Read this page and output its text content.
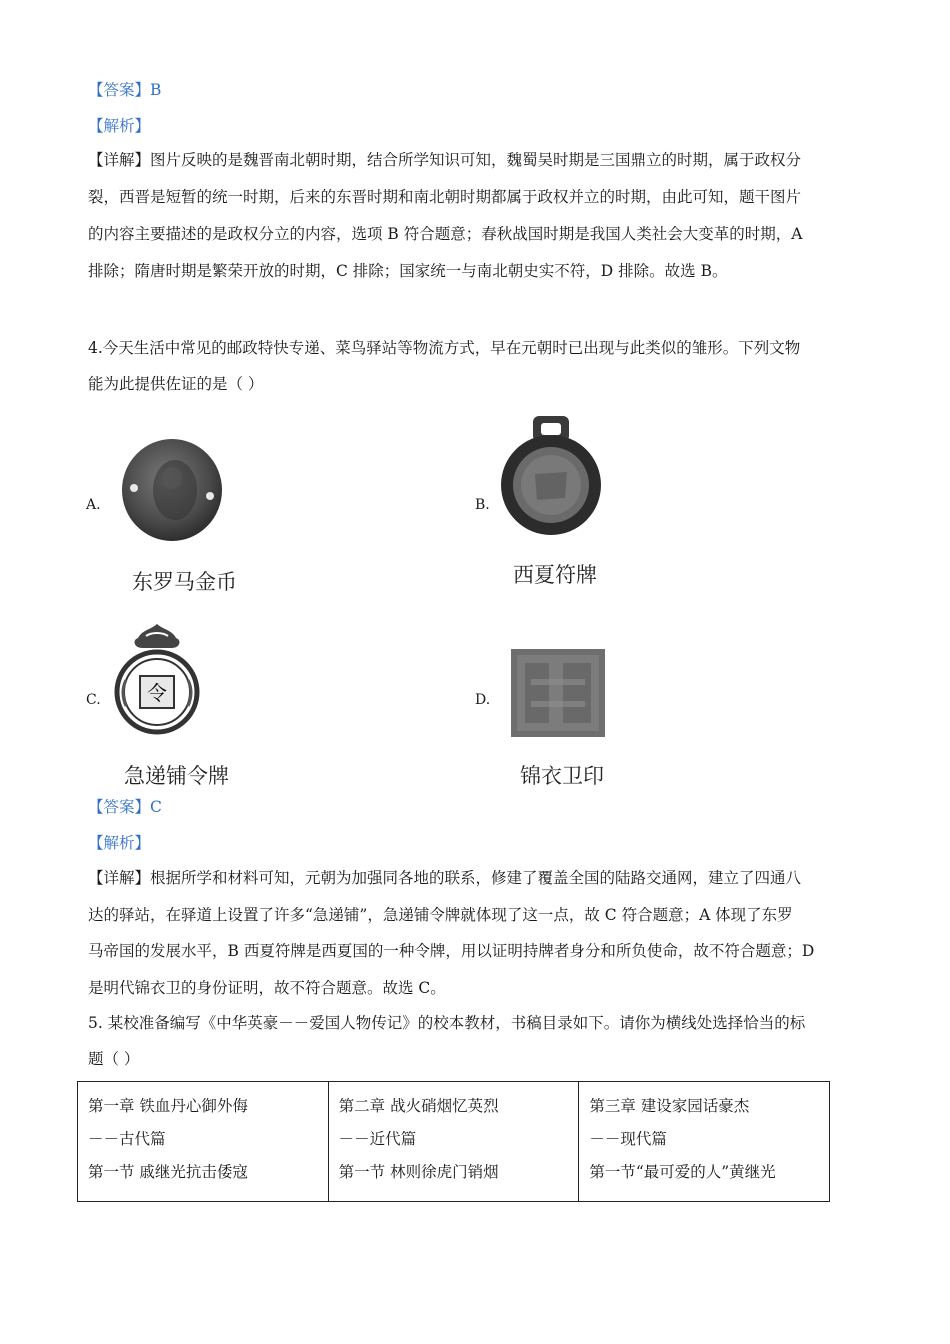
【答案】B
【解析】
【详解】图片反映的是魏晋南北朝时期，结合所学知识可知，魏蜀吴时期是三国鼎立的时期，属于政权分
裂，西晋是短暂的统一时期，后来的东晋时期和南北朝时期都属于政权并立的时期，由此可知，题干图片
的内容主要描述的是政权分立的内容，选项 B 符合题意；春秋战国时期是我国人类社会大变革的时期，A
排除；隋唐时期是繁荣开放的时期，C 排除；国家统一与南北朝史实不符，D 排除。故选 B。
4.今天生活中常见的邮政特快专递、菜鸟驿站等物流方式，早在元朝时已出现与此类似的雏形。下列文物
能为此提供佐证的是（ ）
A.
东罗马金币
B.
西夏符牌
C. 令
急递铺令牌
D.
锦衣卫印
【答案】C
【解析】
【详解】根据所学和材料可知，元朝为加强同各地的联系，修建了覆盖全国的陆路交通网，建立了四通八
达的驿站，在驿道上设置了许多“急递铺”，急递铺令牌就体现了这一点，故 C 符合题意；A 体现了东罗
马帝国的发展水平，B 西夏符牌是西夏国的一种令牌，用以证明持牌者身分和所负使命，故不符合题意；D
是明代锦衣卫的身份证明，故不符合题意。故选 C。
5. 某校准备编写《中华英豪－－爱国人物传记》的校本教材，书稿目录如下。请你为横线处选择恰当的标
题（ ）
第一章 铁血丹心御外侮
－－古代篇
第一节 戚继光抗击倭寇

第二章 战火硝烟忆英烈
－－近代篇
第一节 林则徐虎门销烟

第三章 建设家园话豪杰
－－现代篇
第一节“最可爱的人”黄继光
